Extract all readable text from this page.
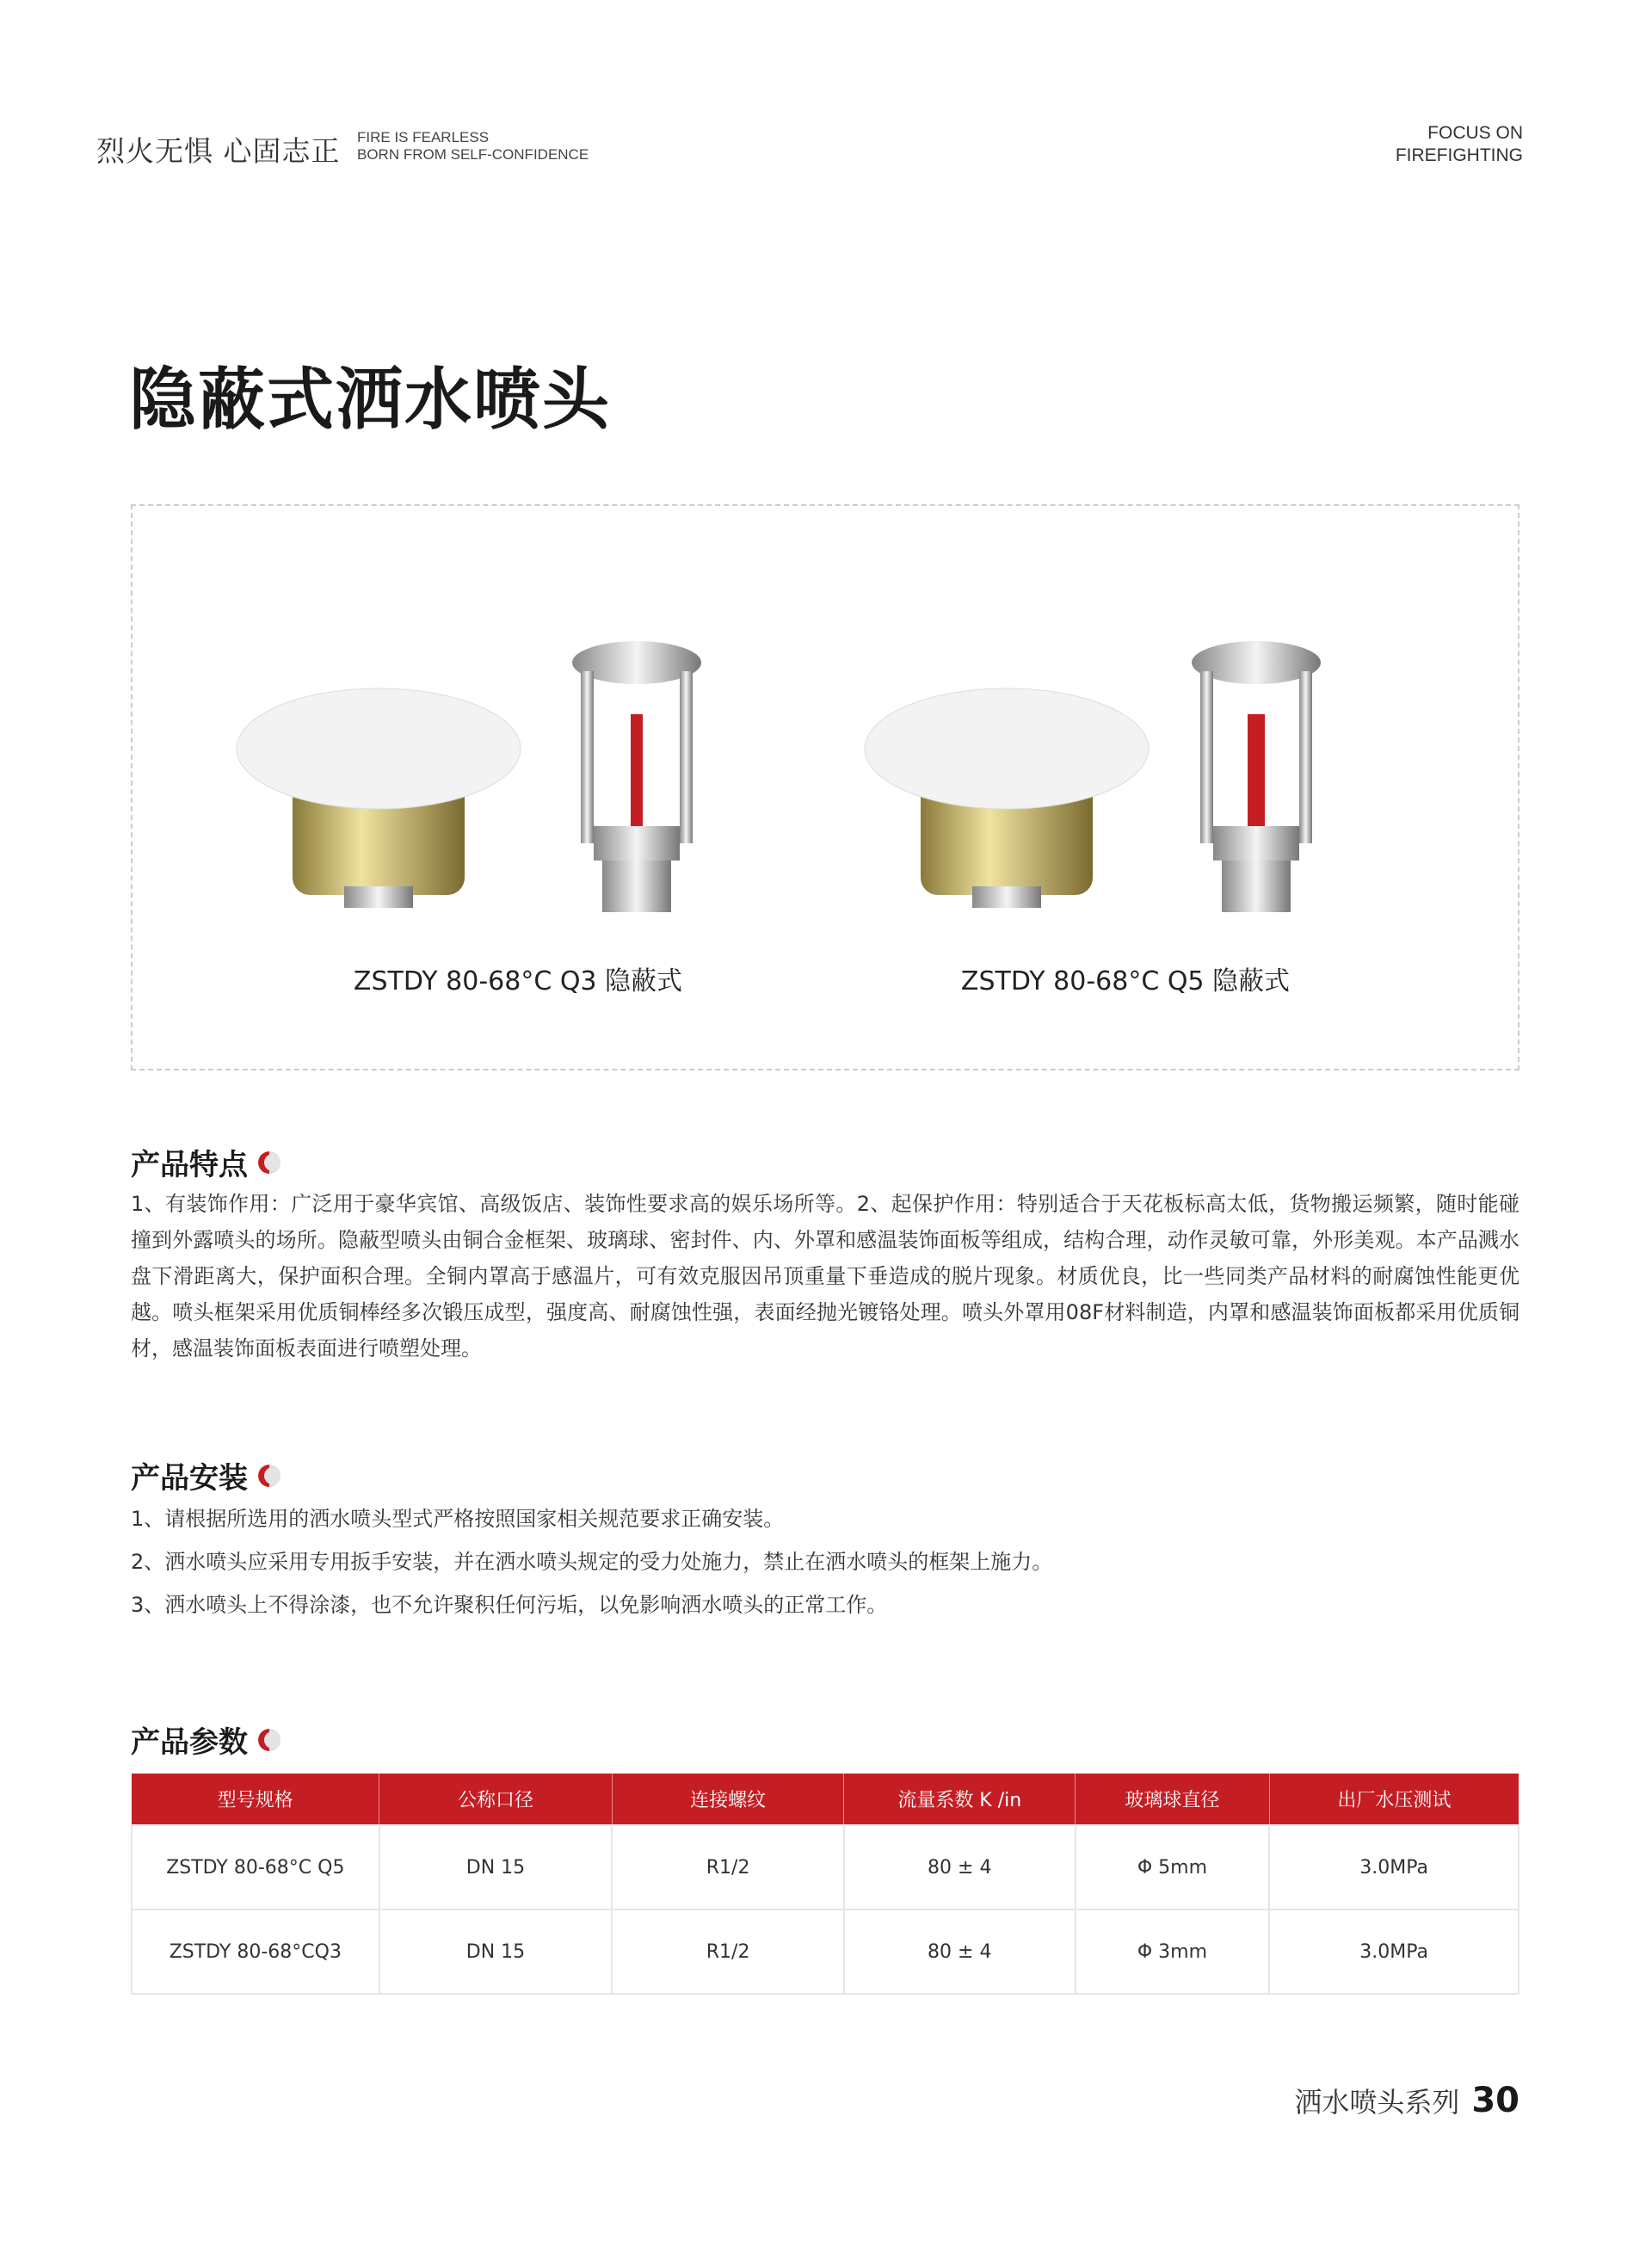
烈火无惧 心固志正 FIRE IS FEARLESS
BORN FROM SELF-CONFIDENCE
FOCUS ON
FIREFIGHTING
隐蔽式洒水喷头
ZSTDY 80-68°C Q3 隐蔽式	ZSTDY 80-68°C Q5 隐蔽式
产品特点
1、有装饰作用：广泛用于豪华宾馆、高级饭店、装饰性要求高的娱乐场所等。2、起保护作用：特别适合于天花板标高太低，货物搬运频繁，随时能碰撞到外露喷头的场所。隐蔽型喷头由铜合金框架、玻璃球、密封件、内、外罩和感温装饰面板等组成，结构合理，动作灵敏可靠，外形美观。本产品溅水盘下滑距离大，保护面积合理。全铜内罩高于感温片，可有效克服因吊顶重量下垂造成的脱片现象。材质优良，比一些同类产品材料的耐腐蚀性能更优越。喷头框架采用优质铜棒经多次锻压成型，强度高、耐腐蚀性强，表面经抛光镀铬处理。喷头外罩用08F材料制造，内罩和感温装饰面板都采用优质铜材，感温装饰面板表面进行喷塑处理。
产品安装
1、请根据所选用的洒水喷头型式严格按照国家相关规范要求正确安装。
2、洒水喷头应采用专用扳手安装，并在洒水喷头规定的受力处施力，禁止在洒水喷头的框架上施力。
3、洒水喷头上不得涂漆，也不允许聚积任何污垢，以免影响洒水喷头的正常工作。
产品参数
型号规格	公称口径	连接螺纹	流量系数 K /in	玻璃球直径	出厂水压测试
ZSTDY 80-68°C Q5	DN 15	R1/2	80 ± 4	Φ 5mm	3.0MPa
ZSTDY 80-68°CQ3	DN 15	R1/2	80 ± 4	Φ 3mm	3.0MPa
洒水喷头系列 30
